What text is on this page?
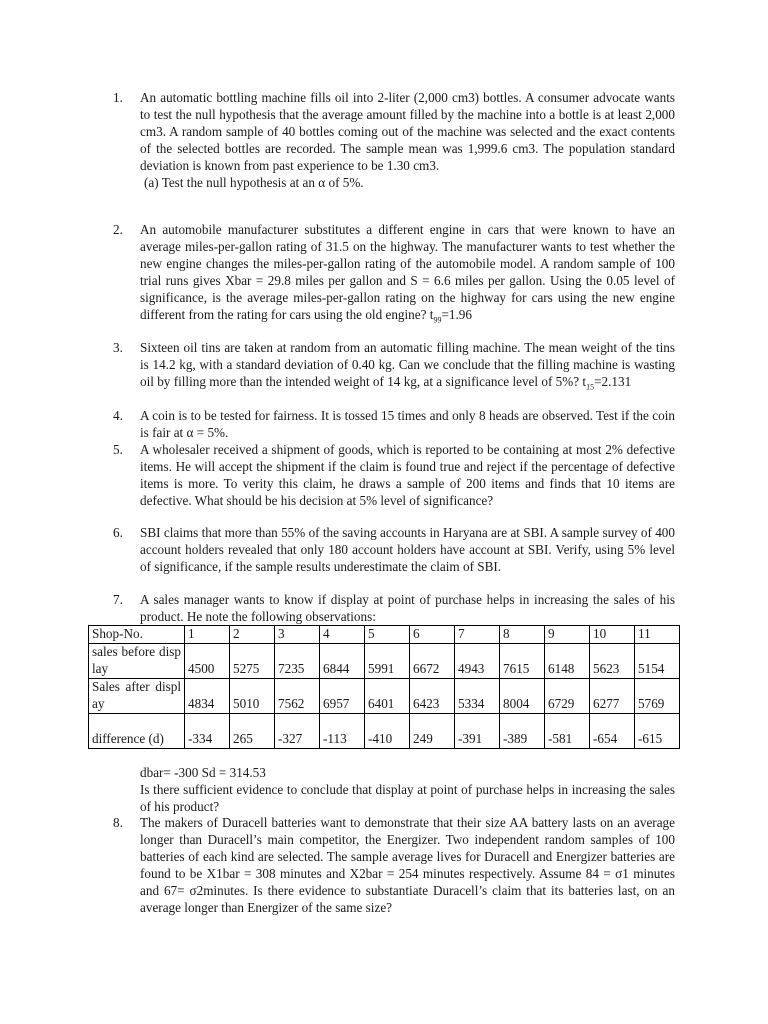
1.	An automatic bottling machine fills oil into 2-liter (2,000 cm3) bottles. A consumer advocate wants to test the null hypothesis that the average amount filled by the machine into a bottle is at least 2,000 cm3. A random sample of 40 bottles coming out of the machine was selected and the exact contents of the selected bottles are recorded. The sample mean was 1,999.6 cm3. The population standard deviation is known from past experience to be 1.30 cm3.
(a) Test the null hypothesis at an α of 5%.
2.	An automobile manufacturer substitutes a different engine in cars that were known to have an average miles-per-gallon rating of 31.5 on the highway. The manufacturer wants to test whether the new engine changes the miles-per-gallon rating of the automobile model. A random sample of 100 trial runs gives Xbar = 29.8 miles per gallon and S = 6.6 miles per gallon. Using the 0.05 level of significance, is the average miles-per-gallon rating on the highway for cars using the new engine different from the rating for cars using the old engine? $t_{99}=1.96$
3.	Sixteen oil tins are taken at random from an automatic filling machine. The mean weight of the tins is 14.2 kg, with a standard deviation of 0.40 kg. Can we conclude that the filling machine is wasting oil by filling more than the intended weight of 14 kg, at a significance level of 5%? $t_{15}=2.131$
4.	A coin is to be tested for fairness. It is tossed 15 times and only 8 heads are observed. Test if the coin is fair at α = 5%.
5.	A wholesaler received a shipment of goods, which is reported to be containing at most 2% defective items. He will accept the shipment if the claim is found true and reject if the percentage of defective items is more. To verity this claim, he draws a sample of 200 items and finds that 10 items are defective. What should be his decision at 5% level of significance?
6.	SBI claims that more than 55% of the saving accounts in Haryana are at SBI. A sample survey of 400 account holders revealed that only 180 account holders have account at SBI. Verify, using 5% level of significance, if the sample results underestimate the claim of SBI.
7.	A sales manager wants to know if display at point of purchase helps in increasing the sales of his product. He note the following observations:
Shop-No.	1	2	3	4	5	6	7	8	9	10	11
sales before display	4500	5275	7235	6844	5991	6672	4943	7615	6148	5623	5154
Sales after display	4834	5010	7562	6957	6401	6423	5334	8004	6729	6277	5769
difference (d)	-334	265	-327	-113	-410	249	-391	-389	-581	-654	-615
dbar= -300 Sd = 314.53
Is there sufficient evidence to conclude that display at point of purchase helps in increasing the sales of his product?
8.	The makers of Duracell batteries want to demonstrate that their size AA battery lasts on an average longer than Duracell’s main competitor, the Energizer. Two independent random samples of 100 batteries of each kind are selected. The sample average lives for Duracell and Energizer batteries are found to be X1bar = 308 minutes and X2bar = 254 minutes respectively. Assume 84 = σ1 minutes and 67= σ2minutes. Is there evidence to substantiate Duracell’s claim that its batteries last, on an average longer than Energizer of the same size?
